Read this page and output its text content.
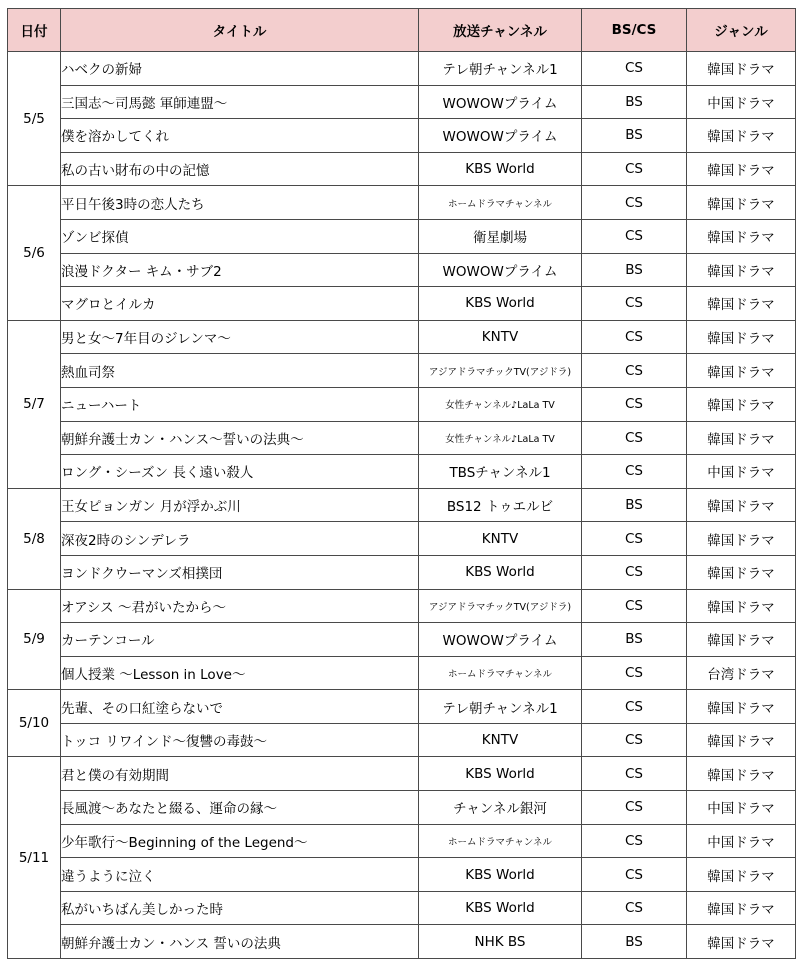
日付	タイトル	放送チャンネル	BS/CS	ジャンル
5/5	ハベクの新婦	テレ朝チャンネル1	CS	韓国ドラマ
	三国志～司馬懿 軍師連盟～	WOWOWプライム	BS	中国ドラマ
	僕を溶かしてくれ	WOWOWプライム	BS	韓国ドラマ
	私の古い財布の中の記憶	KBS World	CS	韓国ドラマ
5/6	平日午後3時の恋人たち	ホームドラマチャンネル	CS	韓国ドラマ
	ゾンビ探偵	衛星劇場	CS	韓国ドラマ
	浪漫ドクター キム・サブ2	WOWOWプライム	BS	韓国ドラマ
	マグロとイルカ	KBS World	CS	韓国ドラマ
5/7	男と女～7年目のジレンマ～	KNTV	CS	韓国ドラマ
	熱血司祭	アジアドラマチックTV(アジドラ)	CS	韓国ドラマ
	ニューハート	女性チャンネル♪LaLa TV	CS	韓国ドラマ
	朝鮮弁護士カン・ハンス～誓いの法典～	女性チャンネル♪LaLa TV	CS	韓国ドラマ
	ロング・シーズン 長く遠い殺人	TBSチャンネル1	CS	中国ドラマ
5/8	王女ピョンガン 月が浮かぶ川	BS12 トゥエルビ	BS	韓国ドラマ
	深夜2時のシンデレラ	KNTV	CS	韓国ドラマ
	ヨンドクウーマンズ相撲団	KBS World	CS	韓国ドラマ
5/9	オアシス ～君がいたから～	アジアドラマチックTV(アジドラ)	CS	韓国ドラマ
	カーテンコール	WOWOWプライム	BS	韓国ドラマ
	個人授業 ～Lesson in Love～	ホームドラマチャンネル	CS	台湾ドラマ
5/10	先輩、その口紅塗らないで	テレ朝チャンネル1	CS	韓国ドラマ
	トッコ リワインド～復讐の毒鼓～	KNTV	CS	韓国ドラマ
5/11	君と僕の有効期間	KBS World	CS	韓国ドラマ
	長風渡～あなたと綴る、運命の縁～	チャンネル銀河	CS	中国ドラマ
	少年歌行～Beginning of the Legend～	ホームドラマチャンネル	CS	中国ドラマ
	違うように泣く	KBS World	CS	韓国ドラマ
	私がいちばん美しかった時	KBS World	CS	韓国ドラマ
	朝鮮弁護士カン・ハンス 誓いの法典	NHK BS	BS	韓国ドラマ
